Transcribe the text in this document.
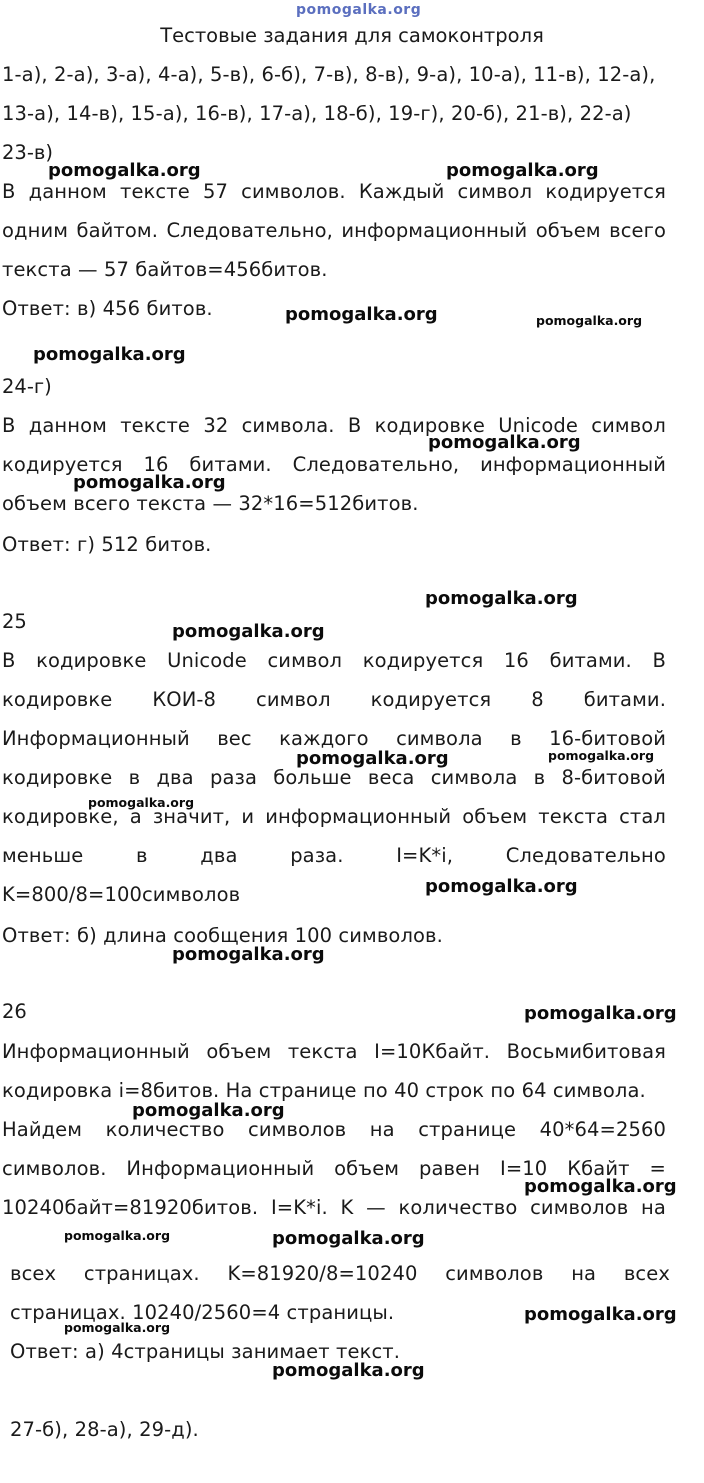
pomogalka.org
Тестовые задания для самоконтроля
1-а), 2-а), 3-а), 4-а), 5-в), 6-б), 7-в), 8-в), 9-а), 10-а), 11-в), 12-а),
13-а), 14-в), 15-а), 16-в), 17-а), 18-б), 19-г), 20-б), 21-в), 22-а)
23-в)
В данном тексте 57 символов. Каждый символ кодируется
одним байтом. Следовательно, информационный объем всего
текста — 57 байтов=456битов.
Ответ: в) 456 битов.
24-г)
В данном тексте 32 символа. В кодировке Unicode символ
кодируется 16 битами. Следовательно, информационный
объем всего текста — 32*16=512битов.
Ответ: г) 512 битов.
25
В кодировке Unicode символ кодируется 16 битами. В
кодировке КОИ-8 символ кодируется 8 битами.
Информационный вес каждого символа в 16-битовой
кодировке в два раза больше веса символа в 8-битовой
кодировке, а значит, и информационный объем текста стал
меньше	в	два	раза.	I=K*i,	Следовательно
K=800/8=100символов
Ответ: б) длина сообщения 100 символов.
26
Информационный объем текста I=10Кбайт. Восьмибитовая
кодировка i=8битов. На странице по 40 строк по 64 символа.
Найдем количество символов на странице 40*64=2560
символов. Информационный объем равен I=10 Кбайт =
10240байт=81920битов. I=K*i. K — количество символов на
всех страницах. K=81920/8=10240 символов на всех
страницах. 10240/2560=4 страницы.
Ответ: а) 4страницы занимает текст.
27-б), 28-а), 29-д).
pomogalka.org	pomogalka.org
pomogalka.org	pomogalka.org
pomogalka.org
pomogalka.org
pomogalka.org
pomogalka.org
pomogalka.org
pomogalka.org	pomogalka.org
pomogalka.org
pomogalka.org
pomogalka.org
pomogalka.org
pomogalka.org
pomogalka.org
pomogalka.org	pomogalka.org
pomogalka.org
pomogalka.org
pomogalka.org
